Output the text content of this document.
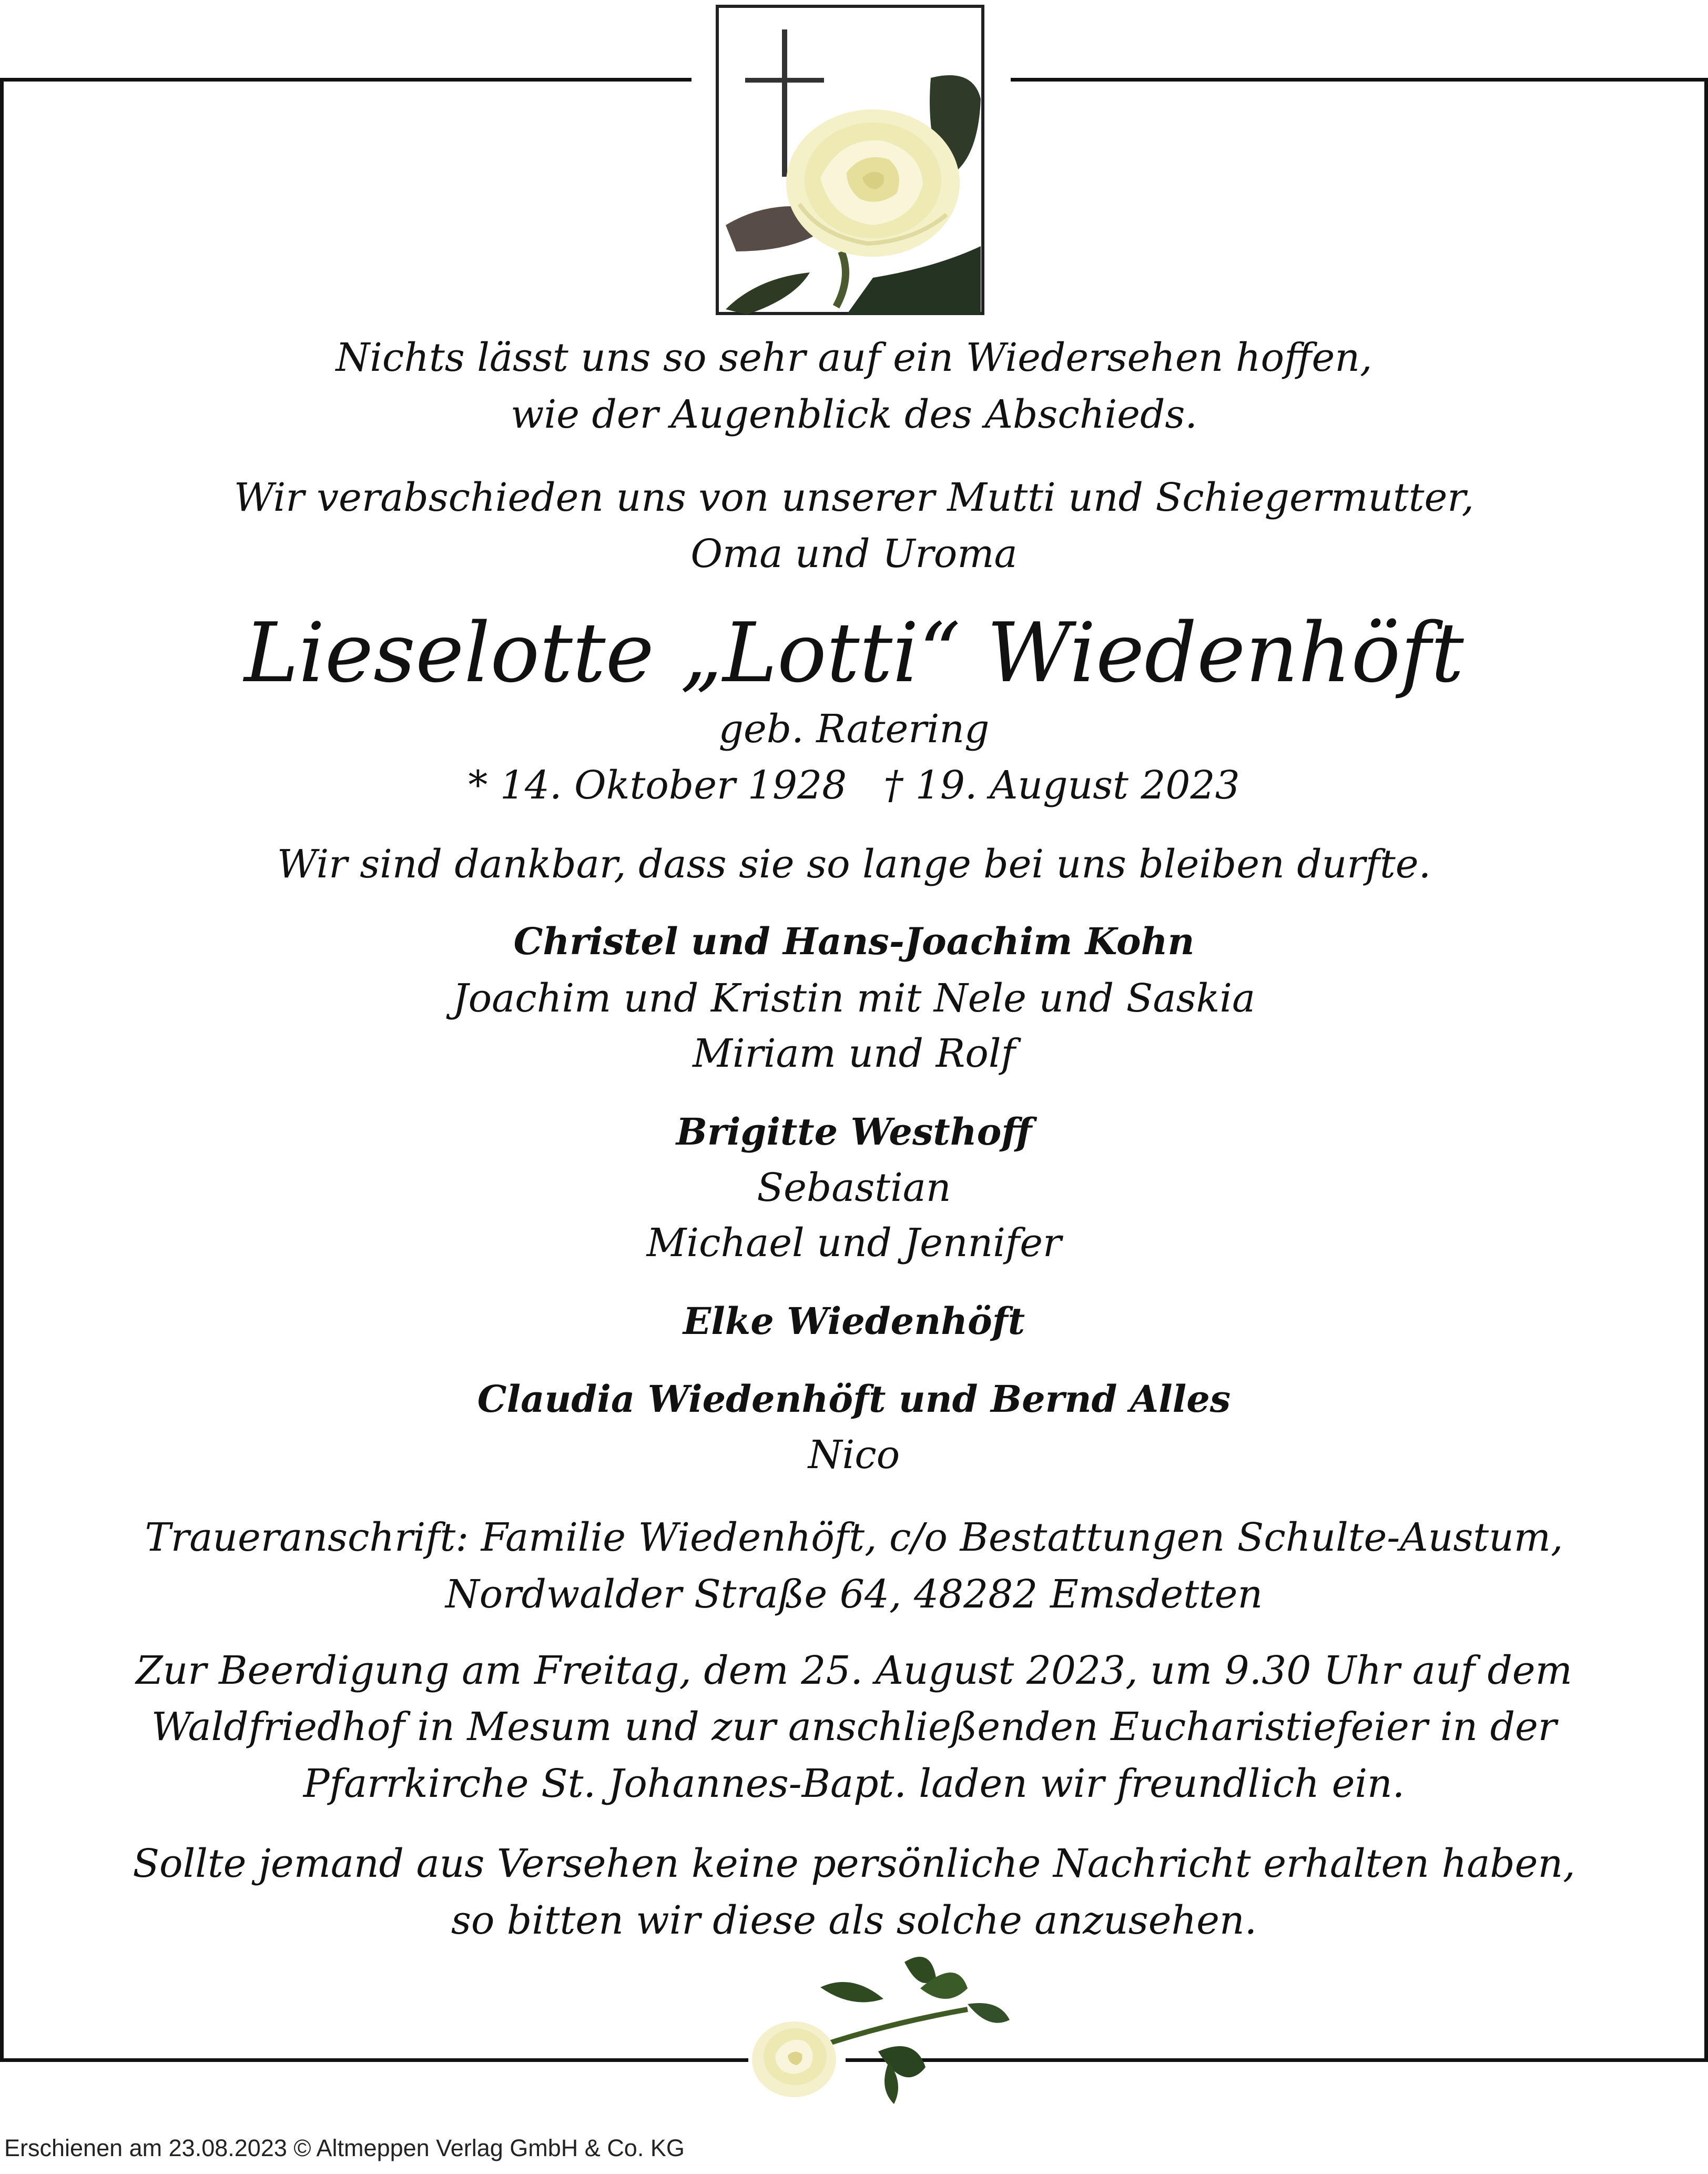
Nichts lässt uns so sehr auf ein Wiedersehen hoffen,
wie der Augenblick des Abschieds.
Wir verabschieden uns von unserer Mutti und Schiegermutter,
Oma und Uroma
Lieselotte „Lotti“ Wiedenhöft
geb. Ratering
* 14. Oktober 1928 † 19. August 2023
Wir sind dankbar, dass sie so lange bei uns bleiben durfte.
Christel und Hans-Joachim Kohn
Joachim und Kristin mit Nele und Saskia
Miriam und Rolf
Brigitte Westhoff
Sebastian
Michael und Jennifer
Elke Wiedenhöft
Claudia Wiedenhöft und Bernd Alles
Nico
Traueranschrift: Familie Wiedenhöft, c/o Bestattungen Schulte-Austum,
Nordwalder Straße 64, 48282 Emsdetten
Zur Beerdigung am Freitag, dem 25. August 2023, um 9.30 Uhr auf dem
Waldfriedhof in Mesum und zur anschließenden Eucharistiefeier in der
Pfarrkirche St. Johannes-Bapt. laden wir freundlich ein.
Sollte jemand aus Versehen keine persönliche Nachricht erhalten haben,
so bitten wir diese als solche anzusehen.
Erschienen am 23.08.2023 © Altmeppen Verlag GmbH & Co. KG
